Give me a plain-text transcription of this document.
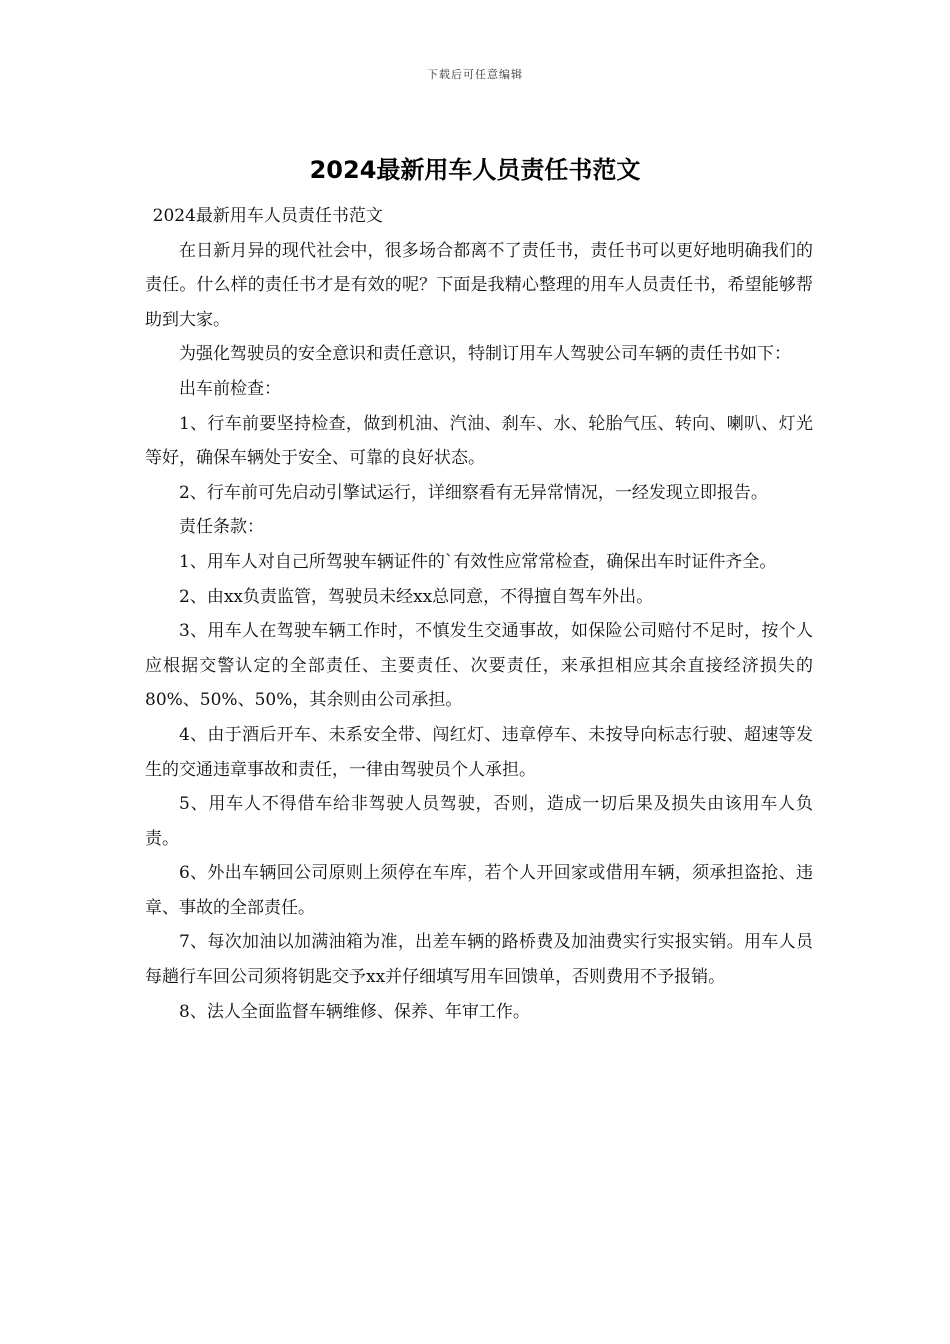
下载后可任意编辑
2024最新用车人员责任书范文

2024最新用车人员责任书范文

在日新月异的现代社会中，很多场合都离不了责任书，责任书可以更好地明确我们的责任。什么样的责任书才是有效的呢？下面是我精心整理的用车人员责任书，希望能够帮助到大家。

为强化驾驶员的安全意识和责任意识，特制订用车人驾驶公司车辆的责任书如下：

出车前检查：

1、行车前要坚持检查，做到机油、汽油、刹车、水、轮胎气压、转向、喇叭、灯光等好，确保车辆处于安全、可靠的良好状态。

2、行车前可先启动引擎试运行，详细察看有无异常情况，一经发现立即报告。

责任条款：

1、用车人对自己所驾驶车辆证件的`有效性应常常检查，确保出车时证件齐全。

2、由xx负责监管，驾驶员未经xx总同意，不得擅自驾车外出。

3、用车人在驾驶车辆工作时，不慎发生交通事故，如保险公司赔付不足时，按个人应根据交警认定的全部责任、主要责任、次要责任，来承担相应其余直接经济损失的80%、50%、50%，其余则由公司承担。

4、由于酒后开车、未系安全带、闯红灯、违章停车、未按导向标志行驶、超速等发生的交通违章事故和责任，一律由驾驶员个人承担。

5、用车人不得借车给非驾驶人员驾驶，否则，造成一切后果及损失由该用车人负责。

6、外出车辆回公司原则上须停在车库，若个人开回家或借用车辆，须承担盗抢、违章、事故的全部责任。

7、每次加油以加满油箱为准，出差车辆的路桥费及加油费实行实报实销。用车人员每趟行车回公司须将钥匙交予xx并仔细填写用车回馈单，否则费用不予报销。

8、法人全面监督车辆维修、保养、年审工作。
